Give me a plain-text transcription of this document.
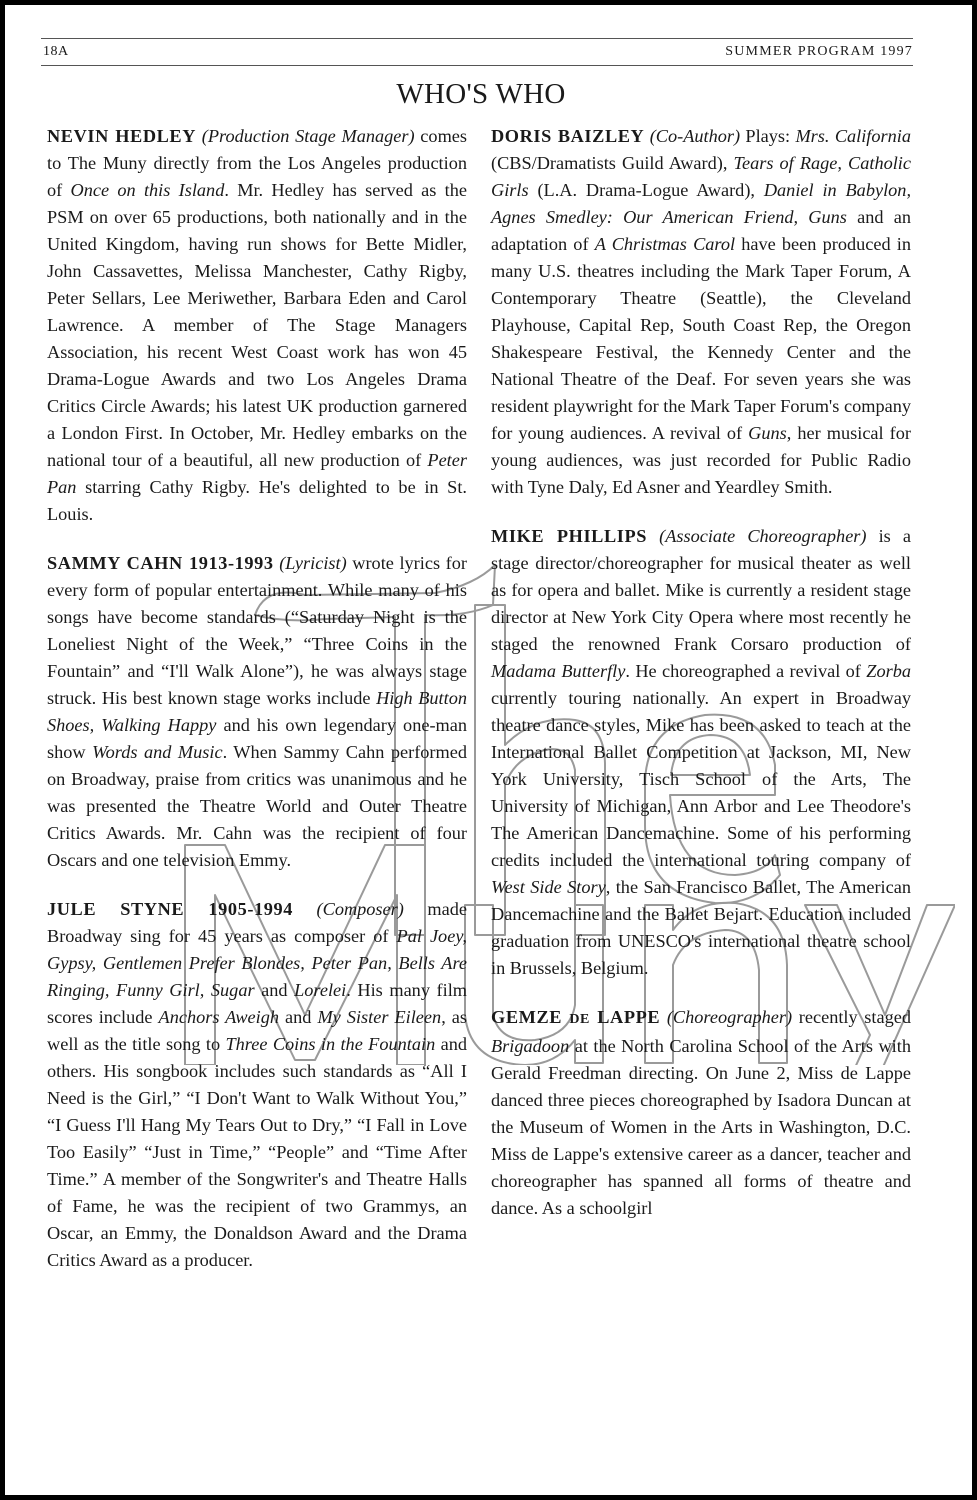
18A	SUMMER PROGRAM 1997
WHO'S WHO

NEVIN HEDLEY (Production Stage Manager) comes to The Muny directly from the Los Angeles production of Once on this Island. Mr. Hedley has served as the PSM on over 65 productions, both nationally and in the United Kingdom, having run shows for Bette Midler, John Cassavettes, Melissa Manchester, Cathy Rigby, Peter Sellars, Lee Meriwether, Barbara Eden and Carol Lawrence. A member of The Stage Managers Association, his recent West Coast work has won 45 Drama-Logue Awards and two Los Angeles Drama Critics Circle Awards; his latest UK production garnered a London First. In October, Mr. Hedley embarks on the national tour of a beautiful, all new production of Peter Pan starring Cathy Rigby. He's delighted to be in St. Louis.

SAMMY CAHN 1913-1993 (Lyricist) wrote lyrics for every form of popular entertainment. While many of his songs have become standards (“Saturday Night is the Loneliest Night of the Week,” “Three Coins in the Fountain” and “I'll Walk Alone”), he was always stage struck. His best known stage works include High Button Shoes, Walking Happy and his own legendary one-man show Words and Music. When Sammy Cahn performed on Broadway, praise from critics was unanimous and he was presented the Theatre World and Outer Theatre Critics Awards. Mr. Cahn was the recipient of four Oscars and one television Emmy.

JULE STYNE 1905-1994 (Composer) made Broadway sing for 45 years as composer of Pal Joey, Gypsy, Gentlemen Prefer Blondes, Peter Pan, Bells Are Ringing, Funny Girl, Sugar and Lorelei. His many film scores include Anchors Aweigh and My Sister Eileen, as well as the title song to Three Coins in the Fountain and others. His songbook includes such standards as “All I Need is the Girl,” “I Don't Want to Walk Without You,” “I Guess I'll Hang My Tears Out to Dry,” “I Fall in Love Too Easily” “Just in Time,” “People” and “Time After Time.” A member of the Songwriter's and Theatre Halls of Fame, he was the recipient of two Grammys, an Oscar, an Emmy, the Donaldson Award and the Drama Critics Award as a producer.

DORIS BAIZLEY (Co-Author) Plays: Mrs. California (CBS/Dramatists Guild Award), Tears of Rage, Catholic Girls (L.A. Drama-Logue Award), Daniel in Babylon, Agnes Smedley: Our American Friend, Guns and an adaptation of A Christmas Carol have been produced in many U.S. theatres including the Mark Taper Forum, A Contemporary Theatre (Seattle), the Cleveland Playhouse, Capital Rep, South Coast Rep, the Oregon Shakespeare Festival, the Kennedy Center and the National Theatre of the Deaf. For seven years she was resident playwright for the Mark Taper Forum's company for young audiences. A revival of Guns, her musical for young audiences, was just recorded for Public Radio with Tyne Daly, Ed Asner and Yeardley Smith.

MIKE PHILLIPS (Associate Choreographer) is a stage director/choreographer for musical theater as well as for opera and ballet. Mike is currently a resident stage director at New York City Opera where most recently he staged the renowned Frank Corsaro production of Madama Butterfly. He choreographed a revival of Zorba currently touring nationally. An expert in Broadway theatre dance styles, Mike has been asked to teach at the International Ballet Competition at Jackson, MI, New York University, Tisch School of the Arts, The University of Michigan, Ann Arbor and Lee Theodore's The American Dancemachine. Some of his performing credits included the international touring company of West Side Story, the San Francisco Ballet, The American Dancemachine and the Ballet Bejart. Education included graduation from UNESCO's international theatre school in Brussels, Belgium.

GEMZE DE LAPPE (Choreographer) recently staged Brigadoon at the North Carolina School of the Arts with Gerald Freedman directing. On June 2, Miss de Lappe danced three pieces choreographed by Isadora Duncan at the Museum of Women in the Arts in Washington, D.C. Miss de Lappe's extensive career as a dancer, teacher and choreographer has spanned all forms of theatre and dance. As a schoolgirl
